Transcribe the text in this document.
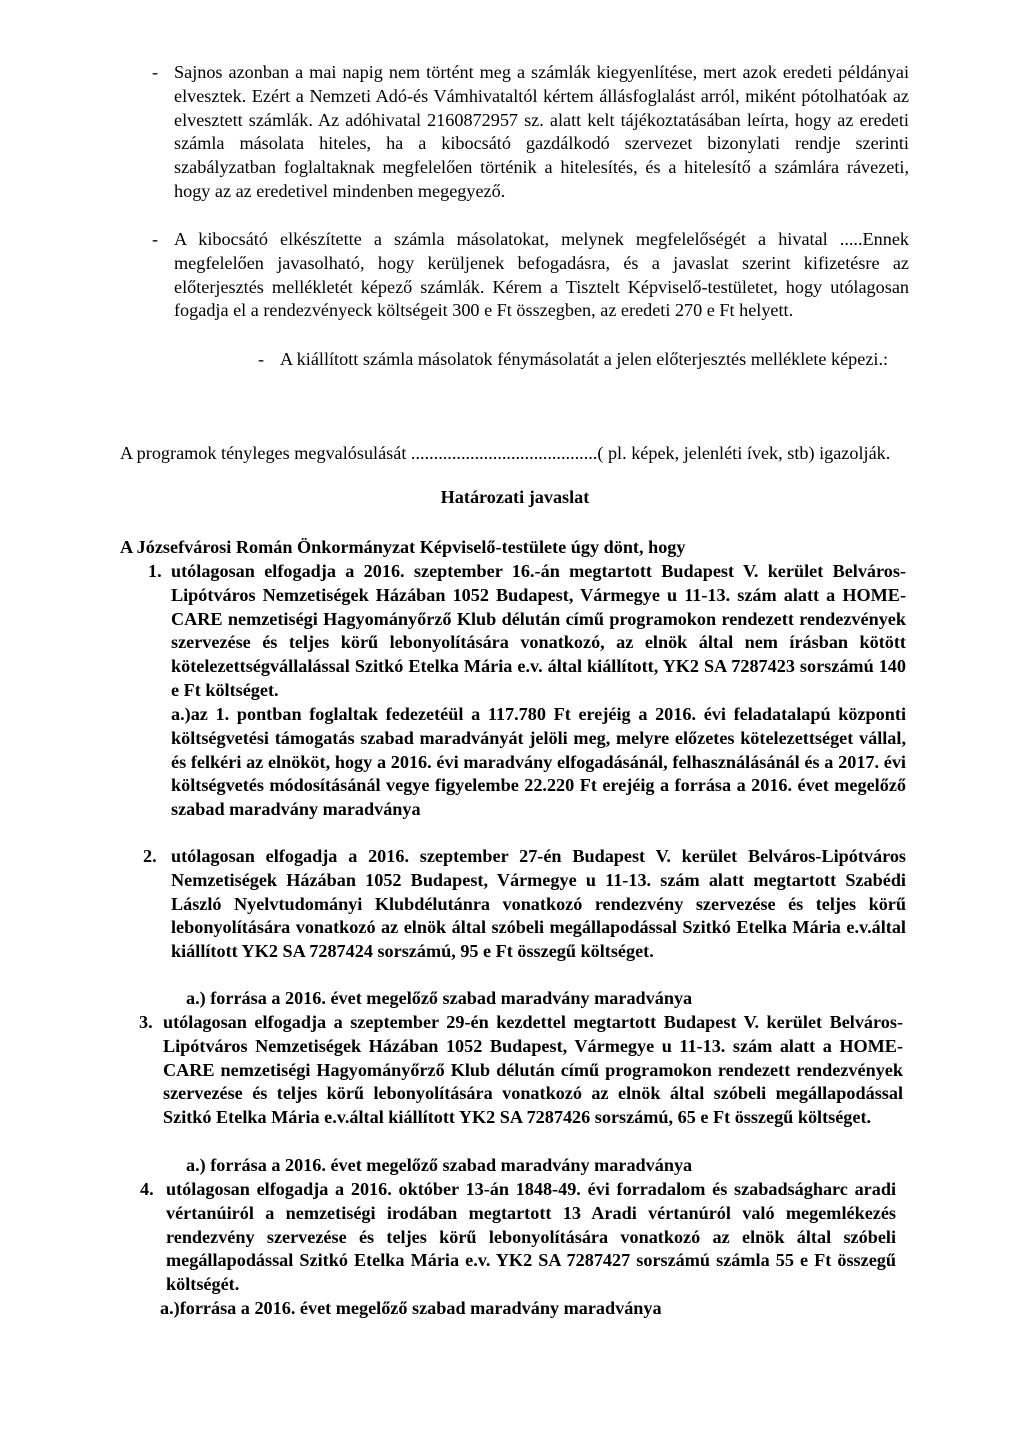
- Sajnos azonban a mai napig nem történt meg a számlák kiegyenlítése, mert azok eredeti példányai elvesztek. Ezért a Nemzeti Adó-és Vámhivataltól kértem állásfoglalást arról, miként pótolhatóak az elvesztett számlák. Az adóhivatal 2160872957 sz. alatt kelt tájékoztatásában leírta, hogy az eredeti számla másolata hiteles, ha a kibocsátó gazdálkodó szervezet bizonylati rendje szerinti szabályzatban foglaltaknak megfelelően történik a hitelesítés, és a hitelesítő a számlára rávezeti, hogy az az eredetivel mindenben megegyező.
- A kibocsátó elkészítette a számla másolatokat, melynek megfelelőségét a hivatal .....Ennek megfelelően javasolható, hogy kerüljenek befogadásra, és a javaslat szerint kifizetésre az előterjesztés mellékletét képező számlák. Kérem a Tisztelt Képviselő-testületet, hogy utólagosan fogadja el a rendezvényeck költségeit 300 e Ft összegben, az eredeti 270 e Ft helyett.
- A kiállított számla másolatok fénymásolatát a jelen előterjesztés melléklete képezi.:
A programok tényleges megvalósulását .........................................( pl. képek, jelenléti ívek, stb) igazolják.
Határozati javaslat
A Józsefvárosi Román Önkormányzat Képviselő-testülete úgy dönt, hogy
1. utólagosan elfogadja a 2016. szeptember 16.-án megtartott Budapest V. kerület Belváros- Lipótváros Nemzetiségek Házában 1052 Budapest, Vármegye u 11-13. szám alatt a HOME-CARE nemzetiségi Hagyományőrző Klub délután című programokon rendezett rendezvények szervezése és teljes körű lebonyolítására vonatkozó, az elnök által nem írásban kötött kötelezettségvállalással Szitkó Etelka Mária e.v. által kiállított, YK2 SA 7287423 sorszámú 140 e Ft költséget.
a.)az 1. pontban foglaltak fedezetéül a 117.780 Ft erejéig a 2016. évi feladatalapú központi költségvetési támogatás szabad maradványát jelöli meg, melyre előzetes kötelezettséget vállal, és felkéri az elnököt, hogy a 2016. évi maradvány elfogadásánál, felhasználásánál és a 2017. évi költségvetés módosításánál vegye figyelembe 22.220 Ft erejéig a forrása a 2016. évet megelőző szabad maradvány maradványa
2. utólagosan elfogadja a 2016. szeptember 27-én Budapest V. kerület Belváros-Lipótváros Nemzetiségek Házában 1052 Budapest, Vármegye u 11-13. szám alatt megtartott Szabédi László Nyelvtudományi Klubdélutánra vonatkozó rendezvény szervezése és teljes körű lebonyolítására vonatkozó az elnök által szóbeli megállapodással Szitkó Etelka Mária e.v.által kiállított YK2 SA 7287424 sorszámú, 95 e Ft összegű költséget.
a.) forrása a 2016. évet megelőző szabad maradvány maradványa
3. utólagosan elfogadja a szeptember 29-én kezdettel megtartott Budapest V. kerület Belváros- Lipótváros Nemzetiségek Házában 1052 Budapest, Vármegye u 11-13. szám alatt a HOME-CARE nemzetiségi Hagyományőrző Klub délután című programokon rendezett rendezvények szervezése és teljes körű lebonyolítására vonatkozó az elnök által szóbeli megállapodással Szitkó Etelka Mária e.v.által kiállított YK2 SA 7287426 sorszámú, 65 e Ft összegű költséget.
a.) forrása a 2016. évet megelőző szabad maradvány maradványa
4. utólagosan elfogadja a 2016. október 13-án 1848-49. évi forradalom és szabadságharc aradi vértanúiról a nemzetiségi irodában megtartott 13 Aradi vértanúról való megemlékezés rendezvény szervezése és teljes körű lebonyolítására vonatkozó az elnök által szóbeli megállapodással Szitkó Etelka Mária e.v. YK2 SA 7287427 sorszámú számla 55 e Ft összegű költségét.
a.)forrása a 2016. évet megelőző szabad maradvány maradványa
